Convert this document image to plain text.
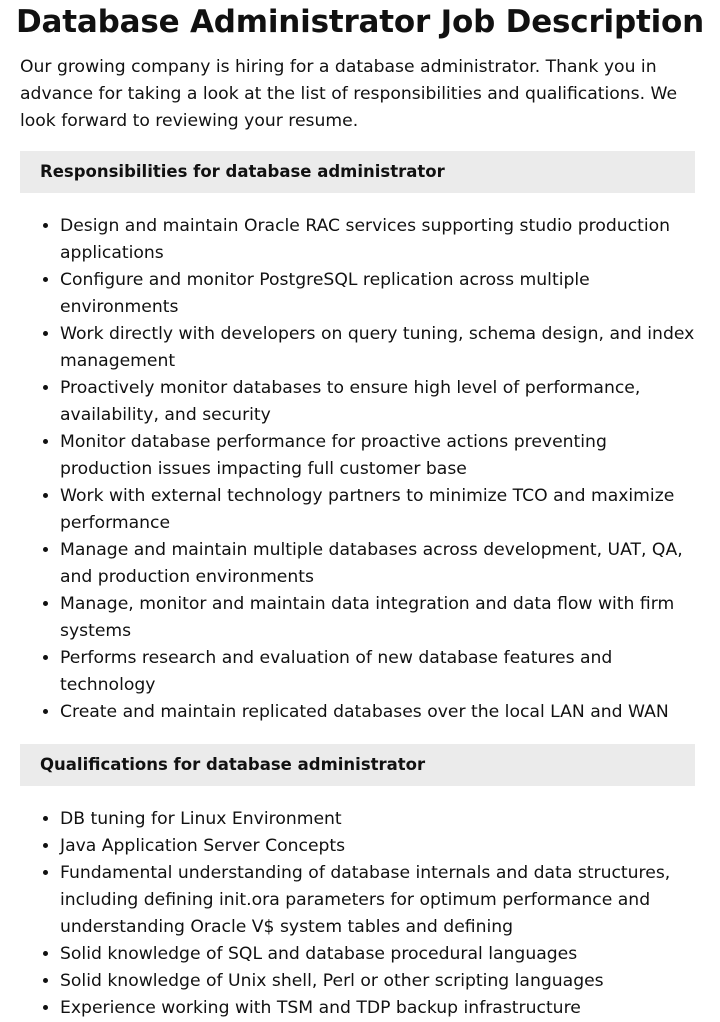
Database Administrator Job Description

Our growing company is hiring for a database administrator. Thank you in advance for taking a look at the list of responsibilities and qualifications. We look forward to reviewing your resume.

Responsibilities for database administrator
• Design and maintain Oracle RAC services supporting studio production applications
• Configure and monitor PostgreSQL replication across multiple environments
• Work directly with developers on query tuning, schema design, and index management
• Proactively monitor databases to ensure high level of performance, availability, and security
• Monitor database performance for proactive actions preventing production issues impacting full customer base
• Work with external technology partners to minimize TCO and maximize performance
• Manage and maintain multiple databases across development, UAT, QA, and production environments
• Manage, monitor and maintain data integration and data flow with firm systems
• Performs research and evaluation of new database features and technology
• Create and maintain replicated databases over the local LAN and WAN
Qualifications for database administrator
• DB tuning for Linux Environment
• Java Application Server Concepts
• Fundamental understanding of database internals and data structures, including defining init.ora parameters for optimum performance and understanding Oracle V$ system tables and defining
• Solid knowledge of SQL and database procedural languages
• Solid knowledge of Unix shell, Perl or other scripting languages
• Experience working with TSM and TDP backup infrastructure
